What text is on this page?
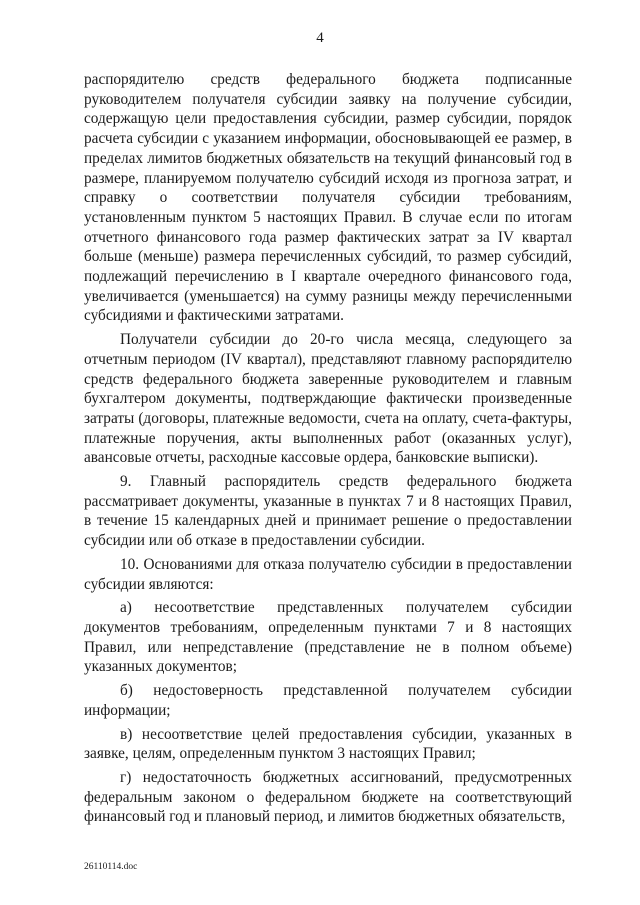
4

распорядителю средств федерального бюджета подписанные руководителем получателя субсидии заявку на получение субсидии, содержащую цели предоставления субсидии, размер субсидии, порядок расчета субсидии с указанием информации, обосновывающей ее размер, в пределах лимитов бюджетных обязательств на текущий финансовый год в размере, планируемом получателю субсидий исходя из прогноза затрат, и справку о соответствии получателя субсидии требованиям, установленным пунктом 5 настоящих Правил. В случае если по итогам отчетного финансового года размер фактических затрат за IV квартал больше (меньше) размера перечисленных субсидий, то размер субсидий, подлежащий перечислению в I квартале очередного финансового года, увеличивается (уменьшается) на сумму разницы между перечисленными субсидиями и фактическими затратами.

Получатели субсидии до 20-го числа месяца, следующего за отчетным периодом (IV квартал), представляют главному распорядителю средств федерального бюджета заверенные руководителем и главным бухгалтером документы, подтверждающие фактически произведенные затраты (договоры, платежные ведомости, счета на оплату, счета-фактуры, платежные поручения, акты выполненных работ (оказанных услуг), авансовые отчеты, расходные кассовые ордера, банковские выписки).

9. Главный распорядитель средств федерального бюджета рассматривает документы, указанные в пунктах 7 и 8 настоящих Правил, в течение 15 календарных дней и принимает решение о предоставлении субсидии или об отказе в предоставлении субсидии.

10. Основаниями для отказа получателю субсидии в предоставлении субсидии являются:

а) несоответствие представленных получателем субсидии документов требованиям, определенным пунктами 7 и 8 настоящих Правил, или непредставление (представление не в полном объеме) указанных документов;

б) недостоверность представленной получателем субсидии информации;

в) несоответствие целей предоставления субсидии, указанных в заявке, целям, определенным пунктом 3 настоящих Правил;

г) недостаточность бюджетных ассигнований, предусмотренных федеральным законом о федеральном бюджете на соответствующий финансовый год и плановый период, и лимитов бюджетных обязательств,

26110114.doc
